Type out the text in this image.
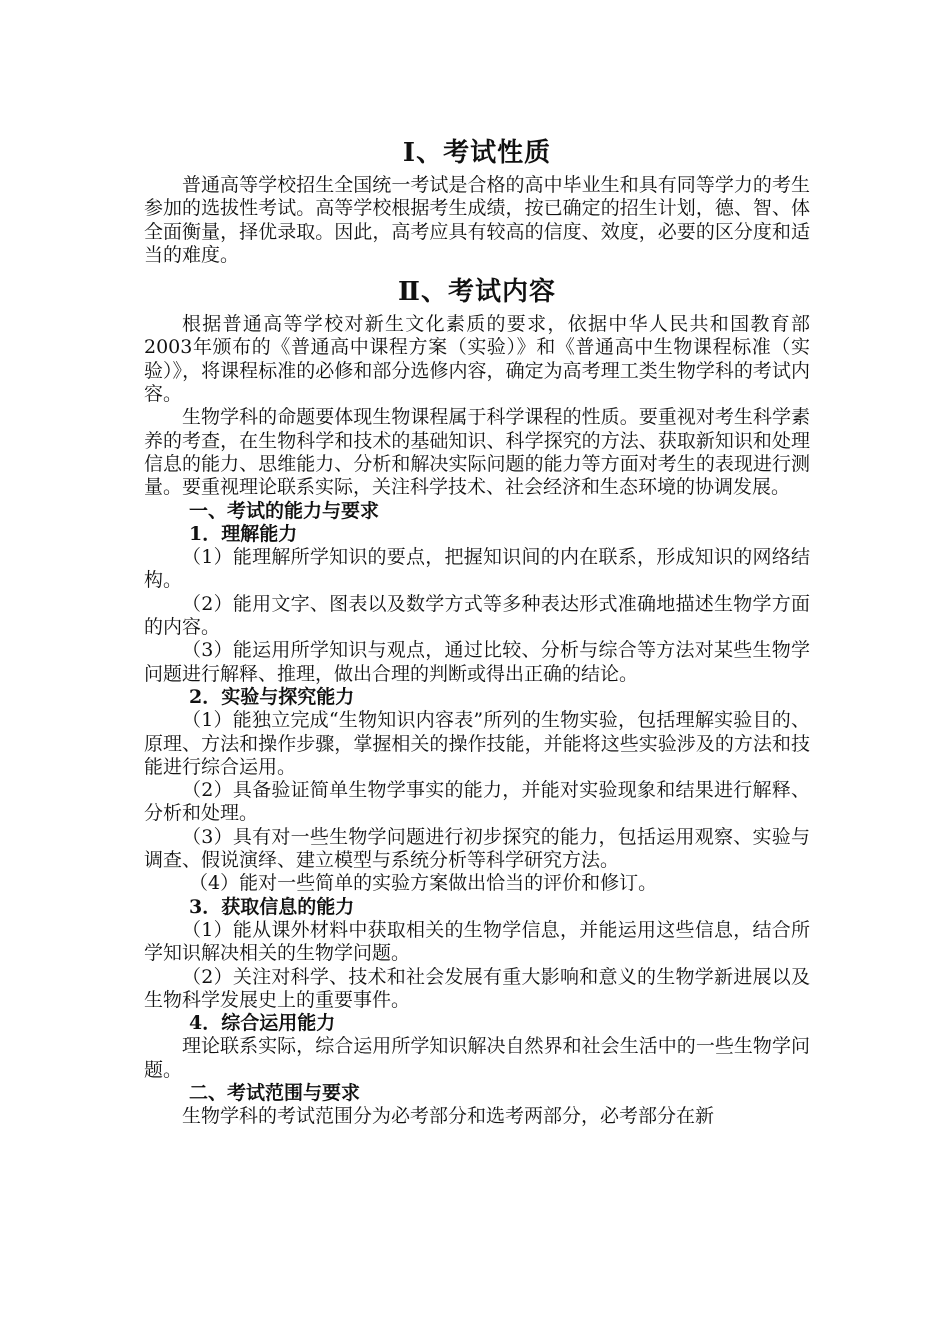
Ⅰ、考试性质

普通高等学校招生全国统一考试是合格的高中毕业生和具有同等学力的考生参加的选拔性考试。高等学校根据考生成绩，按已确定的招生计划，德、智、体全面衡量，择优录取。因此，高考应具有较高的信度、效度，必要的区分度和适当的难度。

Ⅱ、考试内容

根据普通高等学校对新生文化素质的要求，依据中华人民共和国教育部2003年颁布的《普通高中课程方案（实验）》和《普通高中生物课程标准（实验）》，将课程标准的必修和部分选修内容，确定为高考理工类生物学科的考试内容。

生物学科的命题要体现生物课程属于科学课程的性质。要重视对考生科学素养的考查，在生物科学和技术的基础知识、科学探究的方法、获取新知识和处理信息的能力、思维能力、分析和解决实际问题的能力等方面对考生的表现进行测量。要重视理论联系实际，关注科学技术、社会经济和生态环境的协调发展。

一、考试的能力与要求

1．理解能力

（1）能理解所学知识的要点，把握知识间的内在联系，形成知识的网络结构。

（2）能用文字、图表以及数学方式等多种表达形式准确地描述生物学方面的内容。

（3）能运用所学知识与观点，通过比较、分析与综合等方法对某些生物学问题进行解释、推理，做出合理的判断或得出正确的结论。

2．实验与探究能力

（1）能独立完成“生物知识内容表”所列的生物实验，包括理解实验目的、原理、方法和操作步骤，掌握相关的操作技能，并能将这些实验涉及的方法和技能进行综合运用。

（2）具备验证简单生物学事实的能力，并能对实验现象和结果进行解释、分析和处理。

（3）具有对一些生物学问题进行初步探究的能力，包括运用观察、实验与调查、假说演绎、建立模型与系统分析等科学研究方法。

（4）能对一些简单的实验方案做出恰当的评价和修订。

3．获取信息的能力

（1）能从课外材料中获取相关的生物学信息，并能运用这些信息，结合所学知识解决相关的生物学问题。

（2）关注对科学、技术和社会发展有重大影响和意义的生物学新进展以及生物科学发展史上的重要事件。

4．综合运用能力

理论联系实际，综合运用所学知识解决自然界和社会生活中的一些生物学问题。

二、考试范围与要求

生物学科的考试范围分为必考部分和选考两部分，必考部分在新
